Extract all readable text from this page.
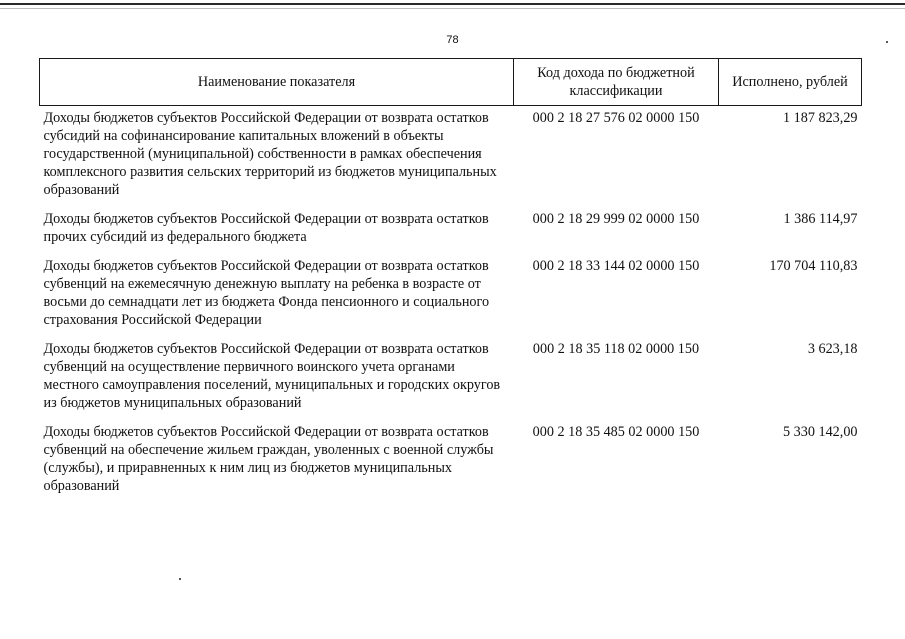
78
Наименование показателя	Код дохода по бюджетной классификации	Исполнено, рублей
Доходы бюджетов субъектов Российской Федерации от возврата остатков субсидий на софинансирование капитальных вложений в объекты государственной (муниципальной) собственности в рамках обеспечения комплексного развития сельских территорий из бюджетов муниципальных образований	000 2 18 27 576 02 0000 150	1 187 823,29
Доходы бюджетов субъектов Российской Федерации от возврата остатков прочих субсидий из федерального бюджета	000 2 18 29 999 02 0000 150	1 386 114,97
Доходы бюджетов субъектов Российской Федерации от возврата остатков субвенций на ежемесячную денежную выплату на ребенка в возрасте от восьми до семнадцати лет из бюджета Фонда пенсионного и социального страхования Российской Федерации	000 2 18 33 144 02 0000 150	170 704 110,83
Доходы бюджетов субъектов Российской Федерации от возврата остатков субвенций на осуществление первичного воинского учета органами местного самоуправления поселений, муниципальных и городских округов из бюджетов муниципальных образований	000 2 18 35 118 02 0000 150	3 623,18
Доходы бюджетов субъектов Российской Федерации от возврата остатков субвенций на обеспечение жильем граждан, уволенных с военной службы (службы), и приравненных к ним лиц из бюджетов муниципальных образований	000 2 18 35 485 02 0000 150	5 330 142,00
